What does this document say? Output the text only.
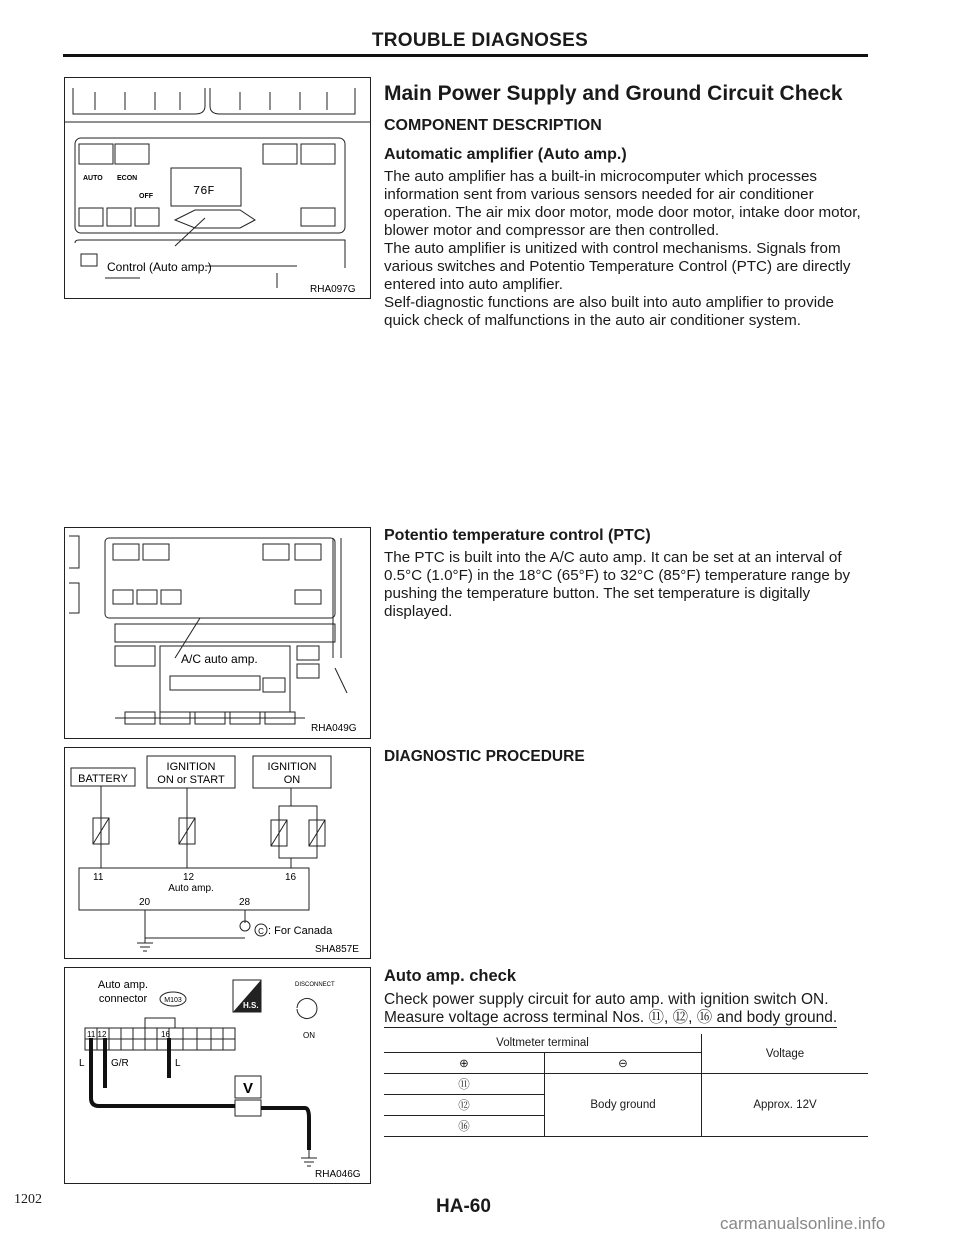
TROUBLE DIAGNOSES
AUTO ECON
OFF	76F
Control (Auto amp.)
RHA097G
A/C auto amp.
RHA049G
BATTERY
IGNITION
ON or START
IGNITION
ON
11	12	16
Auto amp.
20	28
C : For Canada
SHA857E
Auto amp.
connector M103
H.S.
DISCONNECT
ON
V
11 12	16
L	G/R	L
RHA046G
Main Power Supply and Ground Circuit Check
COMPONENT DESCRIPTION
Automatic amplifier (Auto amp.)

The auto amplifier has a built-in microcomputer which processes information sent from various sensors needed for air conditioner operation. The air mix door motor, mode door motor, intake door motor, blower motor and compressor are then controlled.

The auto amplifier is unitized with control mechanisms. Signals from various switches and Potentio Temperature Control (PTC) are directly entered into auto amplifier.

Self-diagnostic functions are also built into auto amplifier to provide quick check of malfunctions in the auto air conditioner system.

Potentio temperature control (PTC)
The PTC is built into the A/C auto amp. It can be set at an interval of 0.5°C (1.0°F) in the 18°C (65°F) to 32°C (85°F) temperature range by pushing the temperature button. The set temperature is digitally displayed.
DIAGNOSTIC PROCEDURE
Auto amp. check

Check power supply circuit for auto amp. with ignition switch ON.

Measure voltage across terminal Nos. ⑪, ⑫, ⑯ and body ground.

Voltmeter terminal		Voltage
⊕	⊖	
⑪	Body ground	Approx. 12V
⑫		
⑯		
1202	HA-60
carmanualsonline.info
